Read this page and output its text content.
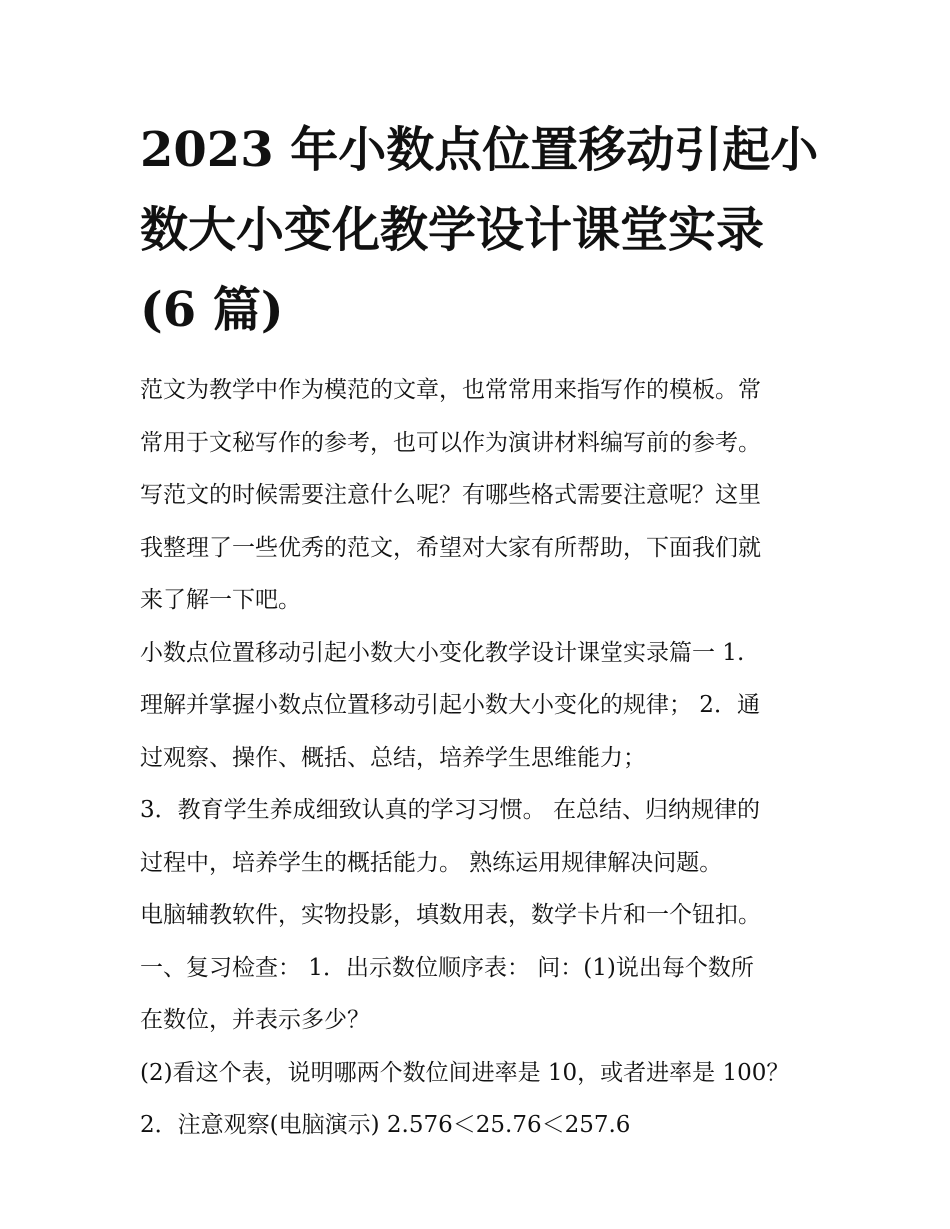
2023 年小数点位置移动引起小
数大小变化教学设计课堂实录
(6 篇)

范文为教学中作为模范的文章，也常常用来指写作的模板。常
常用于文秘写作的参考，也可以作为演讲材料编写前的参考。
写范文的时候需要注意什么呢？有哪些格式需要注意呢？这里
我整理了一些优秀的范文，希望对大家有所帮助，下面我们就
来了解一下吧。

小数点位置移动引起小数大小变化教学设计课堂实录篇一 1.
理解并掌握小数点位置移动引起小数大小变化的规律； 2．通
过观察、操作、概括、总结，培养学生思维能力；

3．教育学生养成细致认真的学习习惯。 在总结、归纳规律的
过程中，培养学生的概括能力。 熟练运用规律解决问题。

电脑辅教软件，实物投影，填数用表，数学卡片和一个钮扣。

一、复习检查： 1．出示数位顺序表： 问：(1)说出每个数所
在数位，并表示多少？

(2)看这个表，说明哪两个数位间进率是 10，或者进率是 100？

2．注意观察(电脑演示) 2.576＜25.76＜257.6
